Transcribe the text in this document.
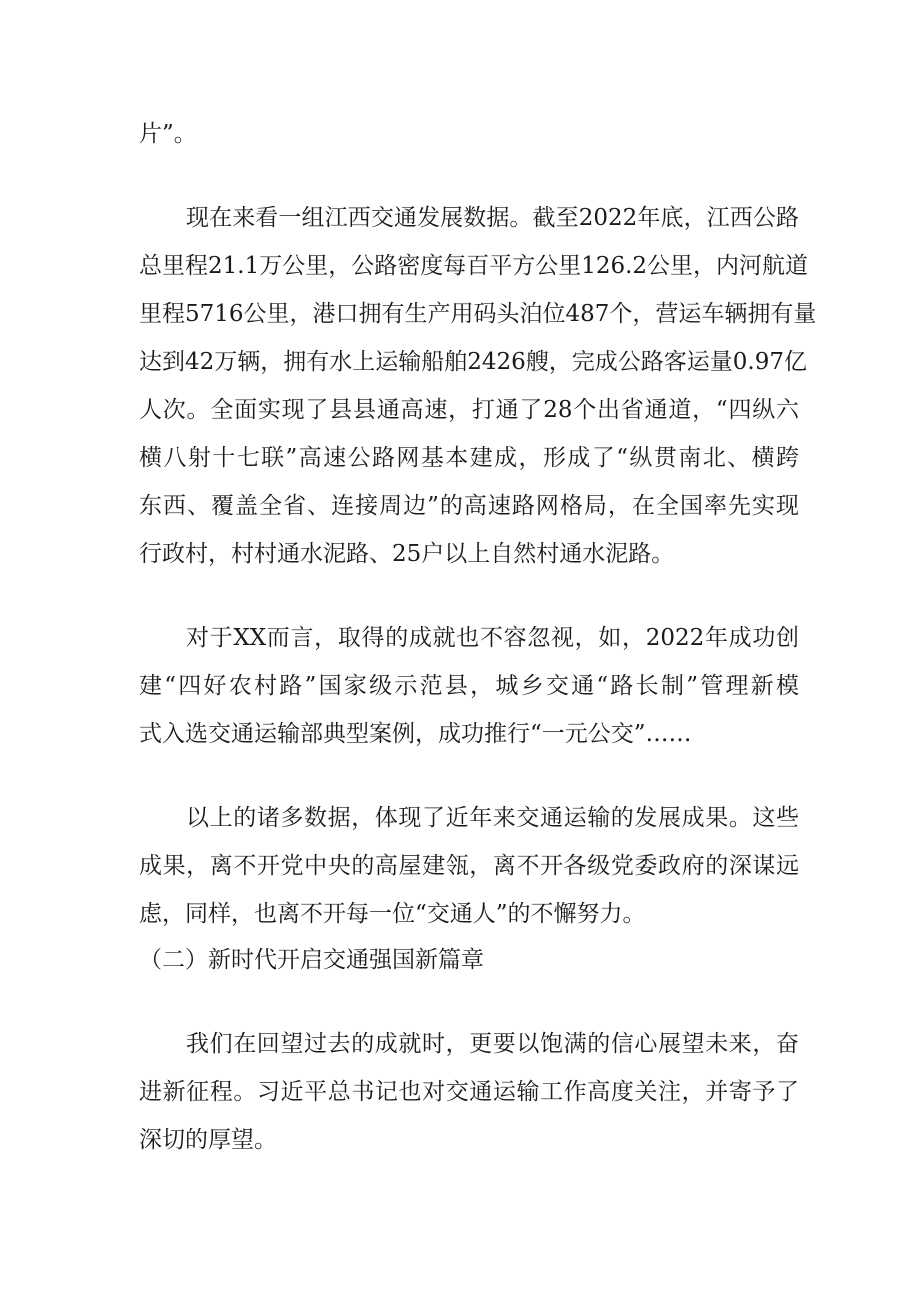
片”。

现在来看一组江西交通发展数据。截至2022年底，江西公路

总里程21.1万公里，公路密度每百平方公里126.2公里，内河航道

里程5716公里，港口拥有生产用码头泊位487个，营运车辆拥有量

达到42万辆，拥有水上运输船舶2426艘，完成公路客运量0.97亿

人次。全面实现了县县通高速，打通了28个出省通道，“四纵六

横八射十七联”高速公路网基本建成，形成了“纵贯南北、横跨

东西、覆盖全省、连接周边”的高速路网格局，在全国率先实现

行政村，村村通水泥路、25户以上自然村通水泥路。

对于XX而言，取得的成就也不容忽视，如，2022年成功创

建“四好农村路”国家级示范县，城乡交通“路长制”管理新模

式入选交通运输部典型案例，成功推行“一元公交”……

以上的诸多数据，体现了近年来交通运输的发展成果。这些

成果，离不开党中央的高屋建瓴，离不开各级党委政府的深谋远

虑，同样，也离不开每一位“交通人”的不懈努力。

（二）新时代开启交通强国新篇章

我们在回望过去的成就时，更要以饱满的信心展望未来，奋

进新征程。习近平总书记也对交通运输工作高度关注，并寄予了

深切的厚望。
